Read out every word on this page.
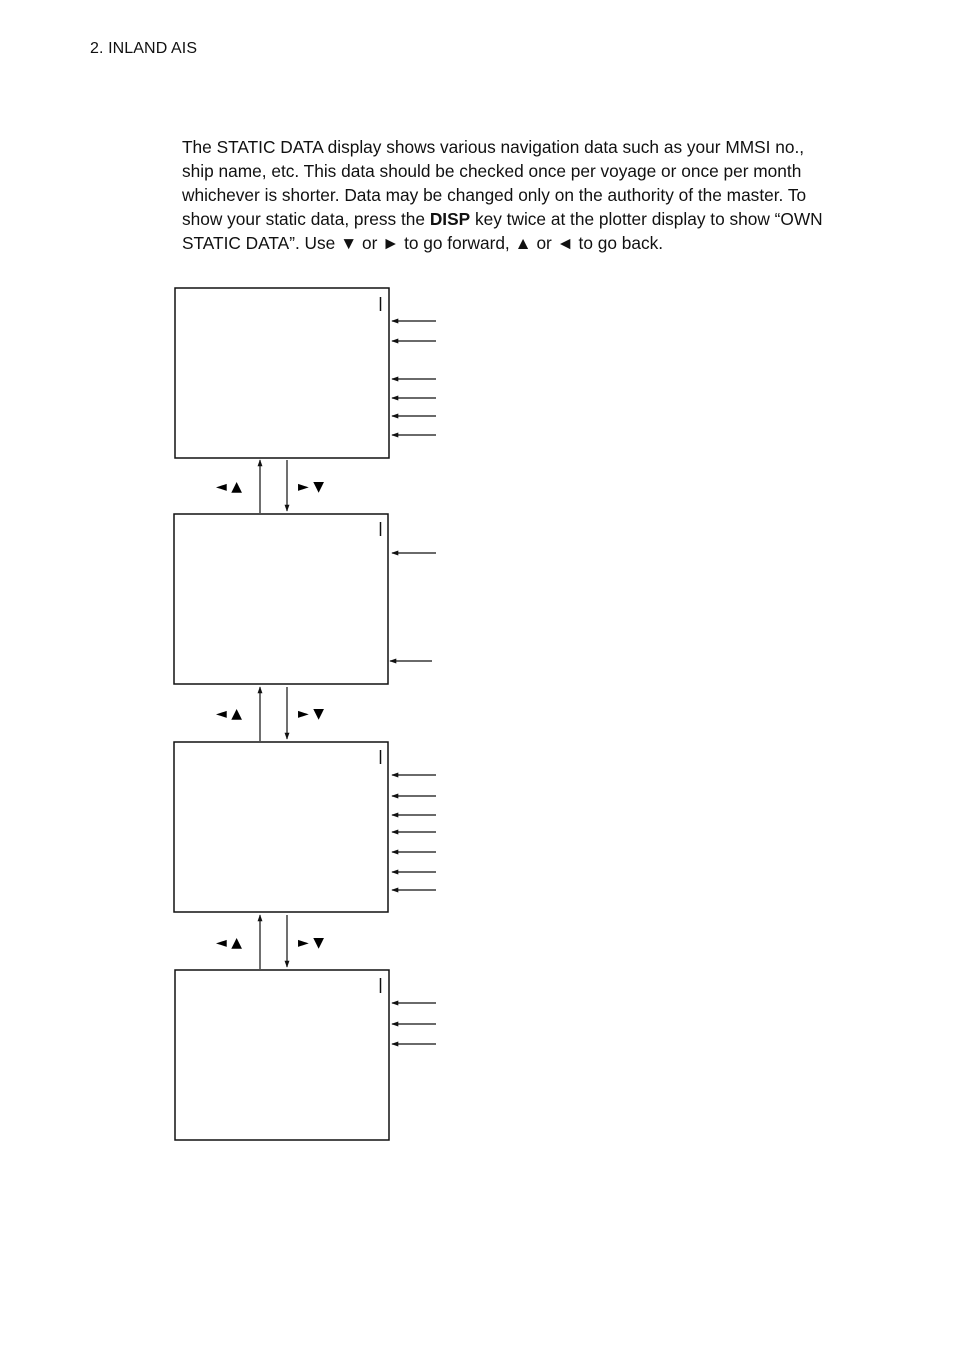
2. INLAND AIS
The STATIC DATA display shows various navigation data such as your MMSI no., ship name, etc. This data should be checked once per voyage or once per month whichever is shorter. Data may be changed only on the authority of the master. To show your static data, press the DISP key twice at the plotter display to show “OWN STATIC DATA”. Use ▼ or ► to go forward, ▲ or ◄ to go back.
◄ ▲	► ▼
◄ ▲	► ▼
◄ ▲	► ▼
